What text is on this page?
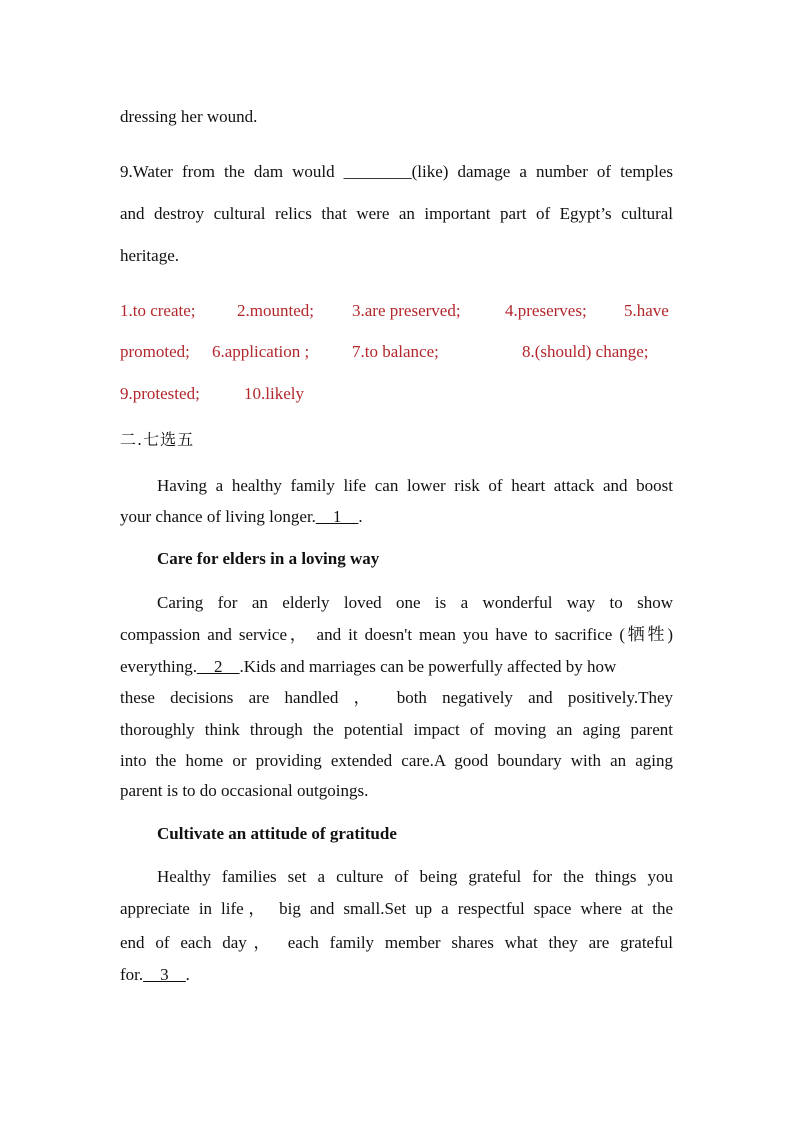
dressing her wound.

9.Water from the dam would ________(like) damage a number of temples

and destroy cultural relics that were an important part of Egypt’s cultural

heritage.

1.to create; 2.mounted; 3.are preserved;	4.preserves; 5.have
promoted; 6.application ;	7.to balance;	8.(should) change;
9.protested;	10.likely

二.七选五

Having a healthy family life can lower risk of heart attack and boost

your chance of living longer.__1__.

Care for elders in a loving way

Caring for an elderly loved one is a wonderful way to show

compassion and service， and it doesn't mean you have to sacrifice (牺牲)

everything.__2__.Kids and marriages can be powerfully affected by how

these decisions are handled ， both negatively and positively.They

thoroughly think through the potential impact of moving an aging parent

into the home or providing extended care.A good boundary with an aging

parent is to do occasional outgoings.

Cultivate an attitude of gratitude

Healthy families set a culture of being grateful for the things you

appreciate in life， big and small.Set up a respectful space where at the

end of each day， each family member shares what they are grateful

for.__3__.
